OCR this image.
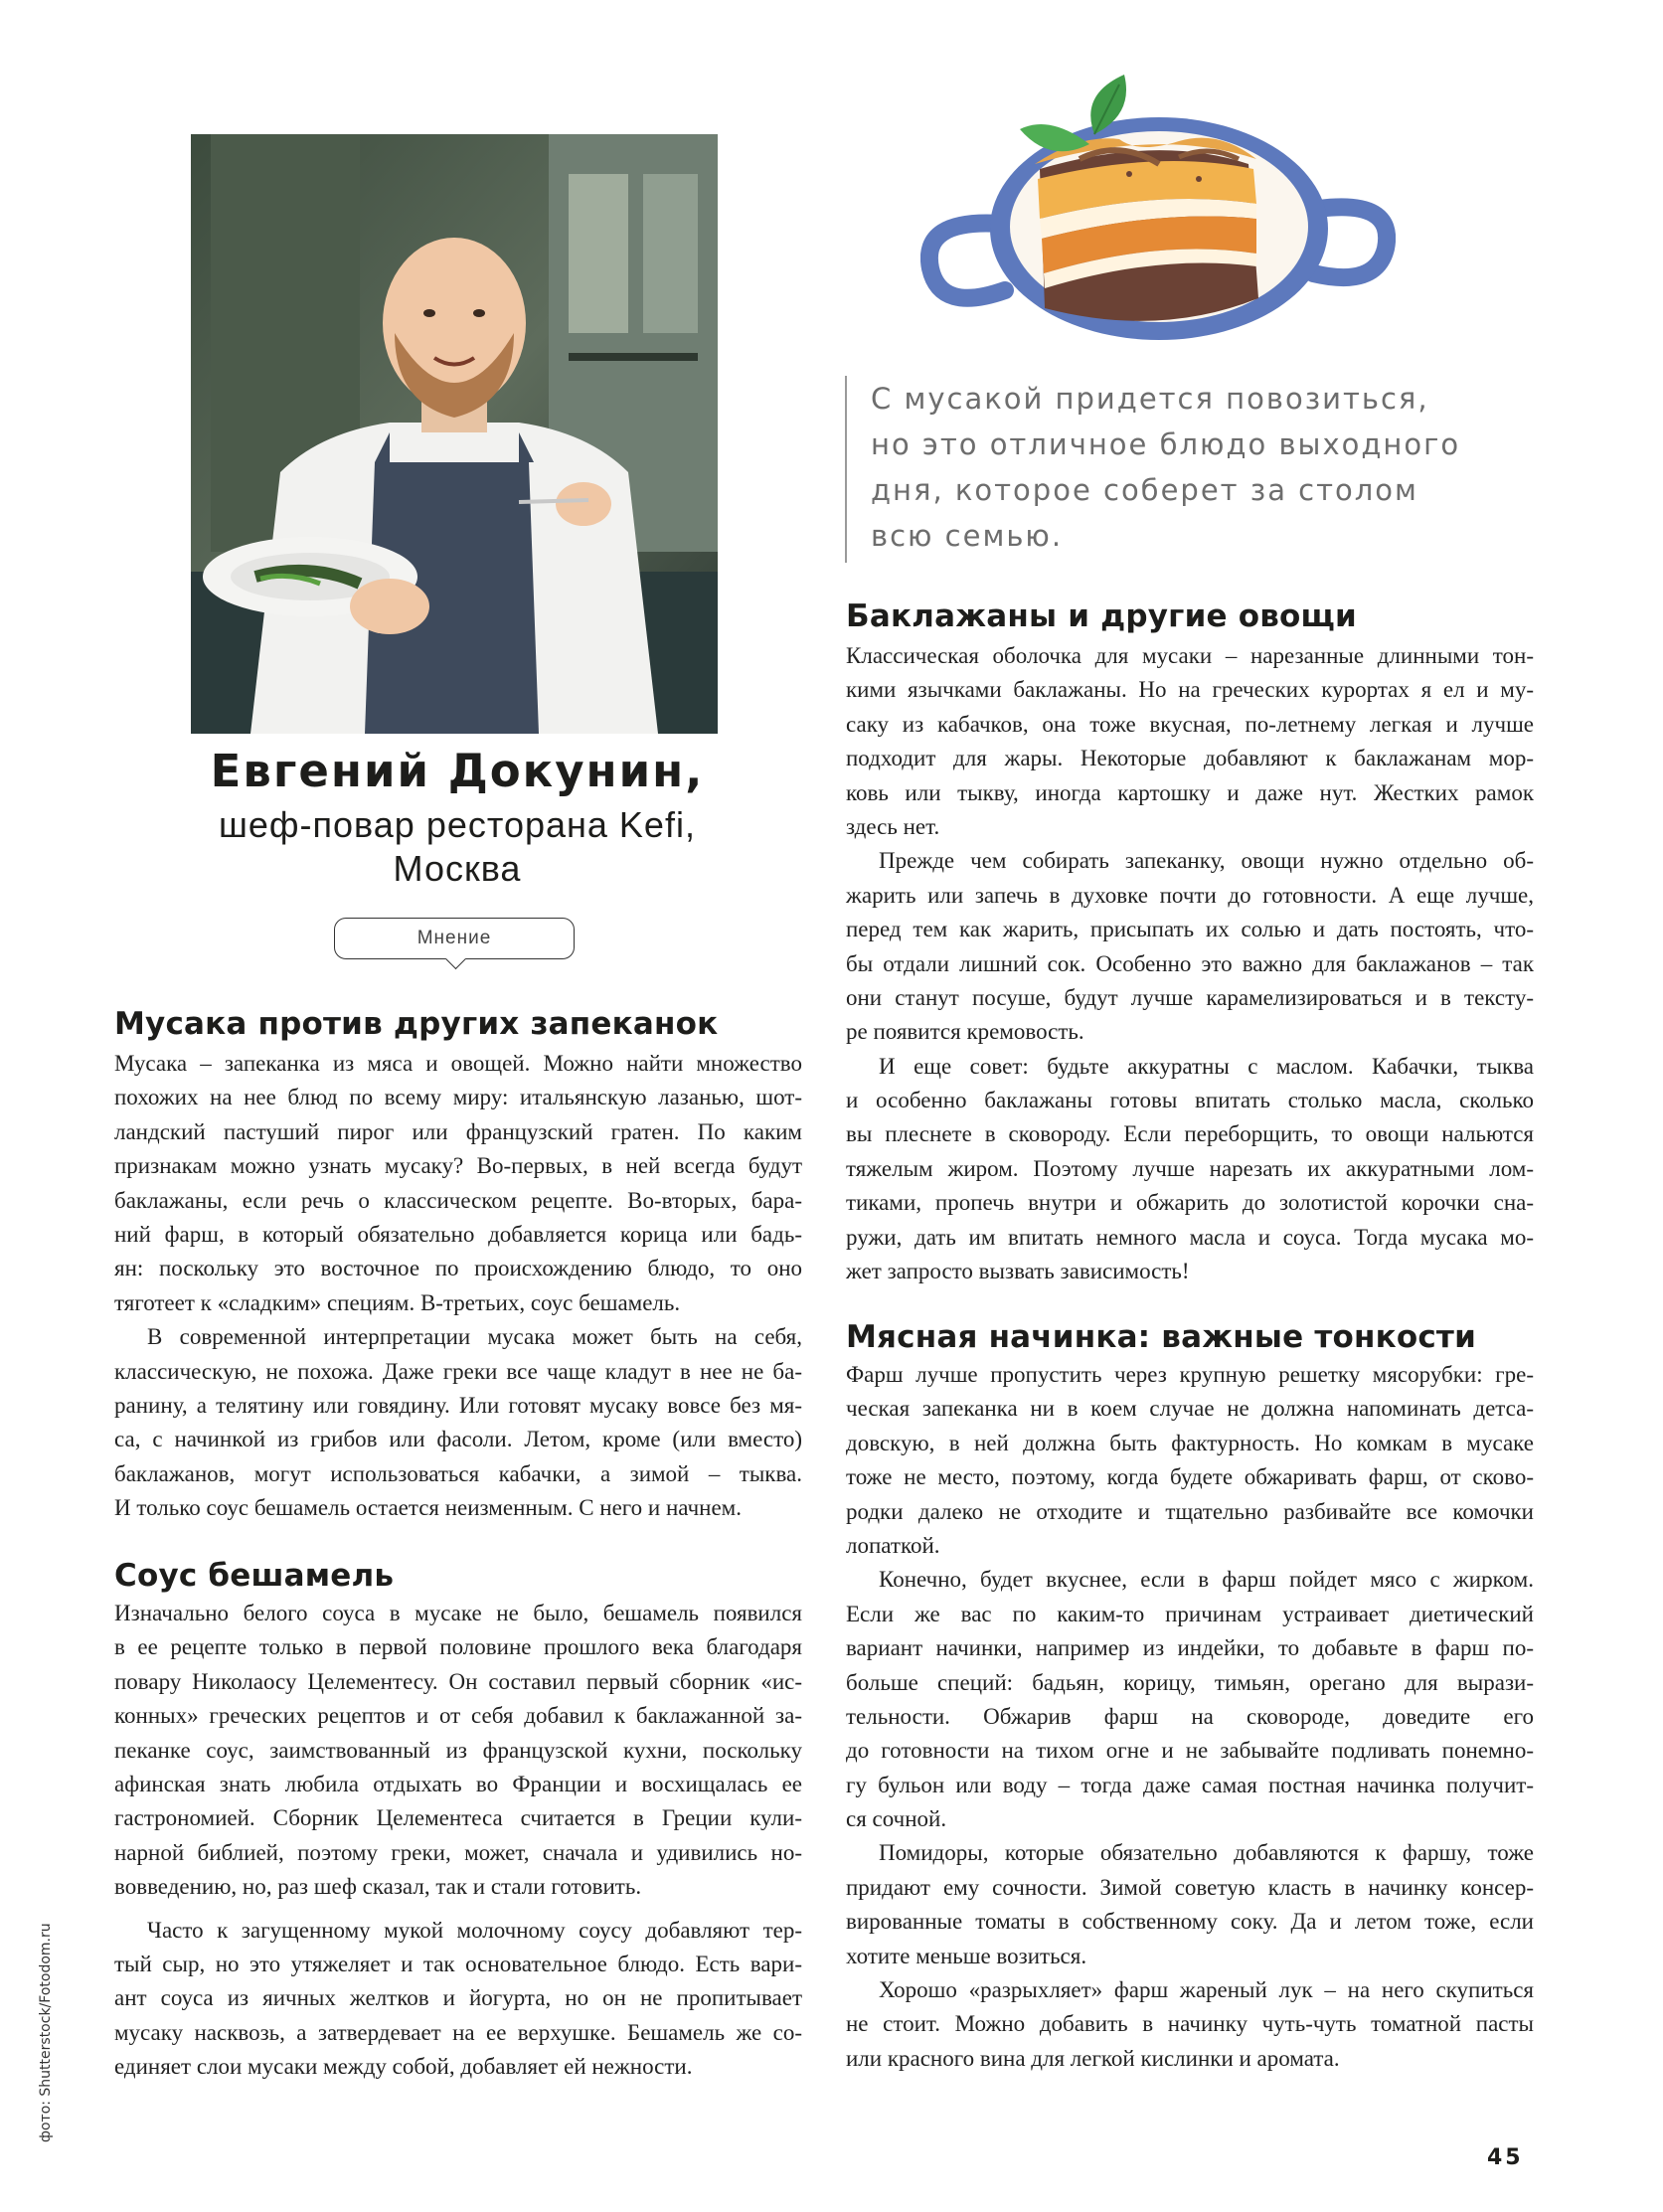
Евгений Докунин,
шеф-повар ресторана Kefi,
Москва
Мнение
С мусакой придется повозиться,
но это отличное блюдо выходного
дня, которое соберет за столом
всю семью.
Мусака против других запеканок
Соус бешамель
Баклажаны и другие овощи
Мясная начинка: важные тонкости
Мусака – запеканка из мяса и овощей. Можно найти множество
похожих на нее блюд по всему миру: итальянскую лазанью, шот-
ландский пастуший пирог или французский гратен. По каким
признакам можно узнать мусаку? Во-первых, в ней всегда будут
баклажаны, если речь о классическом рецепте. Во-вторых, бара-
ний фарш, в который обязательно добавляется корица или бадь-
ян: поскольку это восточное по происхождению блюдо, то оно
тяготеет к «сладким» специям. В-третьих, соус бешамель.
В современной интерпретации мусака может быть на себя,
классическую, не похожа. Даже греки все чаще кладут в нее не ба-
ранину, а телятину или говядину. Или готовят мусаку вовсе без мя-
са, с начинкой из грибов или фасоли. Летом, кроме (или вместо)
баклажанов, могут использоваться кабачки, а зимой – тыква.
И только соус бешамель остается неизменным. С него и начнем.
Изначально белого соуса в мусаке не было, бешамель появился
в ее рецепте только в первой половине прошлого века благодаря
повару Николаосу Целементесу. Он составил первый сборник «ис-
конных» греческих рецептов и от себя добавил к баклажанной за-
пеканке соус, заимствованный из французской кухни, поскольку
афинская знать любила отдыхать во Франции и восхищалась ее
гастрономией. Сборник Целементеса считается в Греции кули-
нарной библией, поэтому греки, может, сначала и удивились но-
вовведению, но, раз шеф сказал, так и стали готовить.
Часто к загущенному мукой молочному соусу добавляют тер-
тый сыр, но это утяжеляет и так основательное блюдо. Есть вари-
ант соуса из яичных желтков и йогурта, но он не пропитывает
мусаку насквозь, а затвердевает на ее верхушке. Бешамель же со-
единяет слои мусаки между собой, добавляет ей нежности.
Классическая оболочка для мусаки – нарезанные длинными тон-
кими язычками баклажаны. Но на греческих курортах я ел и му-
саку из кабачков, она тоже вкусная, по-летнему легкая и лучше
подходит для жары. Некоторые добавляют к баклажанам мор-
ковь или тыкву, иногда картошку и даже нут. Жестких рамок
здесь нет.
Прежде чем собирать запеканку, овощи нужно отдельно об-
жарить или запечь в духовке почти до готовности. А еще лучше,
перед тем как жарить, присыпать их солью и дать постоять, что-
бы отдали лишний сок. Особенно это важно для баклажанов – так
они станут посуше, будут лучше карамелизироваться и в тексту-
ре появится кремовость.
И еще совет: будьте аккуратны с маслом. Кабачки, тыква
и особенно баклажаны готовы впитать столько масла, сколько
вы плеснете в сковороду. Если переборщить, то овощи нальются
тяжелым жиром. Поэтому лучше нарезать их аккуратными лом-
тиками, пропечь внутри и обжарить до золотистой корочки сна-
ружи, дать им впитать немного масла и соуса. Тогда мусака мо-
жет запросто вызвать зависимость!
Фарш лучше пропустить через крупную решетку мясорубки: гре-
ческая запеканка ни в коем случае не должна напоминать детса-
довскую, в ней должна быть фактурность. Но комкам в мусаке
тоже не место, поэтому, когда будете обжаривать фарш, от сково-
родки далеко не отходите и тщательно разбивайте все комочки
лопаткой.
Конечно, будет вкуснее, если в фарш пойдет мясо с жирком.
Если же вас по каким-то причинам устраивает диетический
вариант начинки, например из индейки, то добавьте в фарш по-
больше специй: бадьян, корицу, тимьян, орегано для вырази-
тельности. Обжарив фарш на сковороде, доведите его
до готовности на тихом огне и не забывайте подливать понемно-
гу бульон или воду – тогда даже самая постная начинка получит-
ся сочной.
Помидоры, которые обязательно добавляются к фаршу, тоже
придают ему сочности. Зимой советую класть в начинку консер-
вированные томаты в собственному соку. Да и летом тоже, если
хотите меньше возиться.
Хорошо «разрыхляет» фарш жареный лук – на него скупиться
не стоит. Можно добавить в начинку чуть-чуть томатной пасты
или красного вина для легкой кислинки и аромата.
фото: Shutterstock/Fotodom.ru
45
